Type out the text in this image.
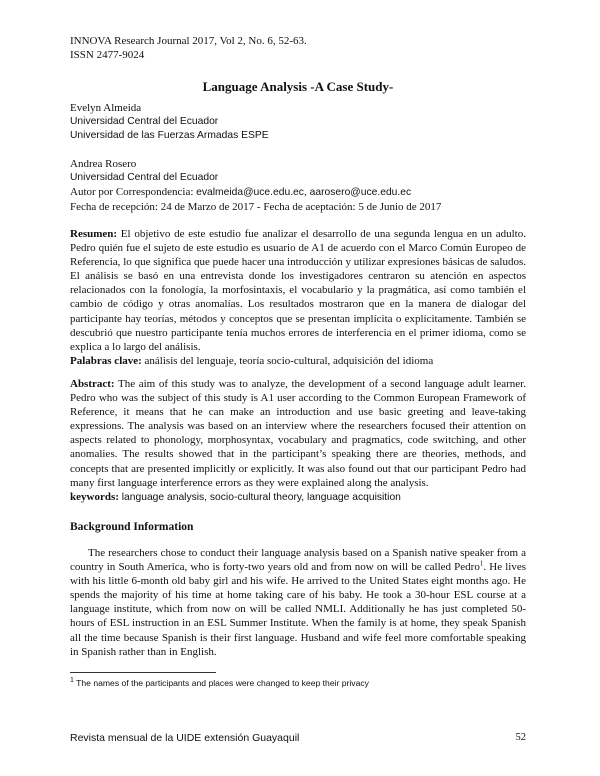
INNOVA Research Journal 2017, Vol 2, No. 6, 52-63.
ISSN 2477-9024
Language Analysis -A Case Study-
Evelyn Almeida
Universidad Central del Ecuador
Universidad de las Fuerzas Armadas ESPE
Andrea Rosero
Universidad Central del Ecuador
Autor por Correspondencia: evalmeida@uce.edu.ec, aarosero@uce.edu.ec
Fecha de recepción: 24 de Marzo de 2017 - Fecha de aceptación: 5 de Junio de 2017
Resumen: El objetivo de este estudio fue analizar el desarrollo de una segunda lengua en un adulto. Pedro quién fue el sujeto de este estudio es usuario de A1 de acuerdo con el Marco Común Europeo de Referencia, lo que significa que puede hacer una introducción y utilizar expresiones básicas de saludos. El análisis se basó en una entrevista donde los investigadores centraron su atención en aspectos relacionados con la fonología, la morfosintaxis, el vocabulario y la pragmática, así como también el cambio de código y otras anomalías. Los resultados mostraron que en la manera de dialogar del participante hay teorías, métodos y conceptos que se presentan implícita o explícitamente. También se descubrió que nuestro participante tenía muchos errores de interferencia en el primer idioma, como se explica a lo largo del análisis.
Palabras clave: análisis del lenguaje, teoría socio-cultural, adquisición del idioma
Abstract: The aim of this study was to analyze, the development of a second language adult learner. Pedro who was the subject of this study is A1 user according to the Common European Framework of Reference, it means that he can make an introduction and use basic greeting and leave-taking expressions. The analysis was based on an interview where the researchers focused their attention on aspects related to phonology, morphosyntax, vocabulary and pragmatics, code switching, and other anomalies. The results showed that in the participant’s speaking there are theories, methods, and concepts that are presented implicitly or explicitly. It was also found out that our participant Pedro had many first language interference errors as they were explained along the analysis.
keywords: language analysis, socio-cultural theory, language acquisition
Background Information

The researchers chose to conduct their language analysis based on a Spanish native speaker from a country in South America, who is forty-two years old and from now on will be called Pedro$^1$. He lives with his little 6-month old baby girl and his wife. He arrived to the United States eight months ago. He spends the majority of his time at home taking care of his baby. He took a 30-hour ESL course at a language institute, which from now on will be called NMLI. Additionally he has just completed 50-hours of ESL instruction in an ESL Summer Institute. When the family is at home, they speak Spanish all the time because Spanish is their first language. Husband and wife feel more comfortable speaking in Spanish rather than in English.

$^1$ The names of the participants and places were changed to keep their privacy
Revista mensual de la UIDE extensión Guayaquil	52
